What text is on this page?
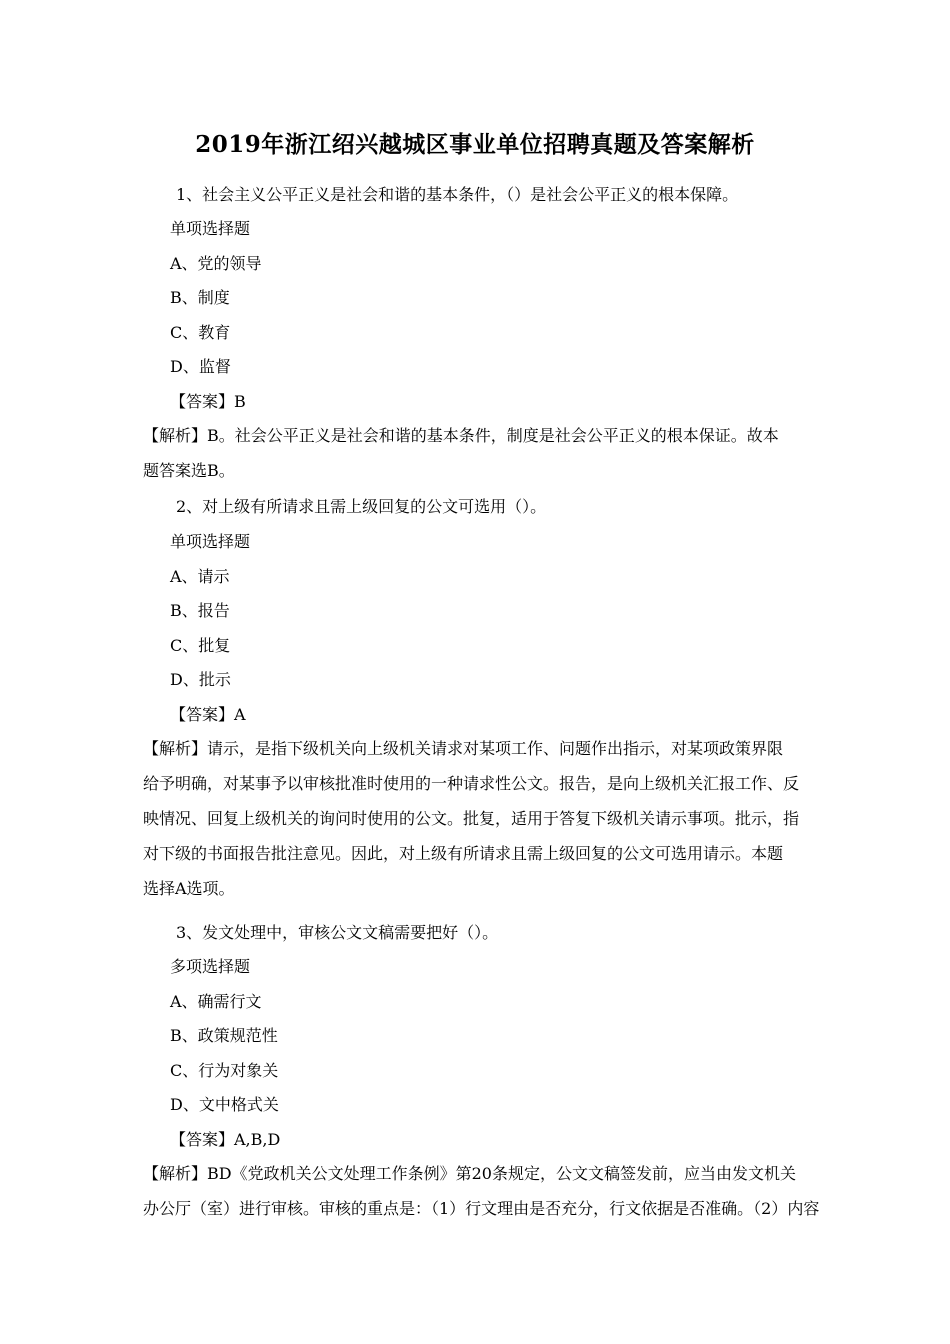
2019年浙江绍兴越城区事业单位招聘真题及答案解析
1、社会主义公平正义是社会和谐的基本条件，（）是社会公平正义的根本保障。
单项选择题
A、党的领导
B、制度
C、教育
D、监督
【答案】B
【解析】B。社会公平正义是社会和谐的基本条件，制度是社会公平正义的根本保证。故本
题答案选B。
2、对上级有所请求且需上级回复的公文可选用（）。
单项选择题
A、请示
B、报告
C、批复
D、批示
【答案】A
【解析】请示，是指下级机关向上级机关请求对某项工作、问题作出指示，对某项政策界限
给予明确，对某事予以审核批准时使用的一种请求性公文。报告，是向上级机关汇报工作、反
映情况、回复上级机关的询问时使用的公文。批复，适用于答复下级机关请示事项。批示，指
对下级的书面报告批注意见。因此，对上级有所请求且需上级回复的公文可选用请示。本题
选择A选项。
3、发文处理中，审核公文文稿需要把好（）。
多项选择题
A、确需行文
B、政策规范性
C、行为对象关
D、文中格式关
【答案】A,B,D
【解析】BD《党政机关公文处理工作条例》第20条规定，公文文稿签发前，应当由发文机关
办公厅（室）进行审核。审核的重点是：（1）行文理由是否充分，行文依据是否准确。（2）内容
